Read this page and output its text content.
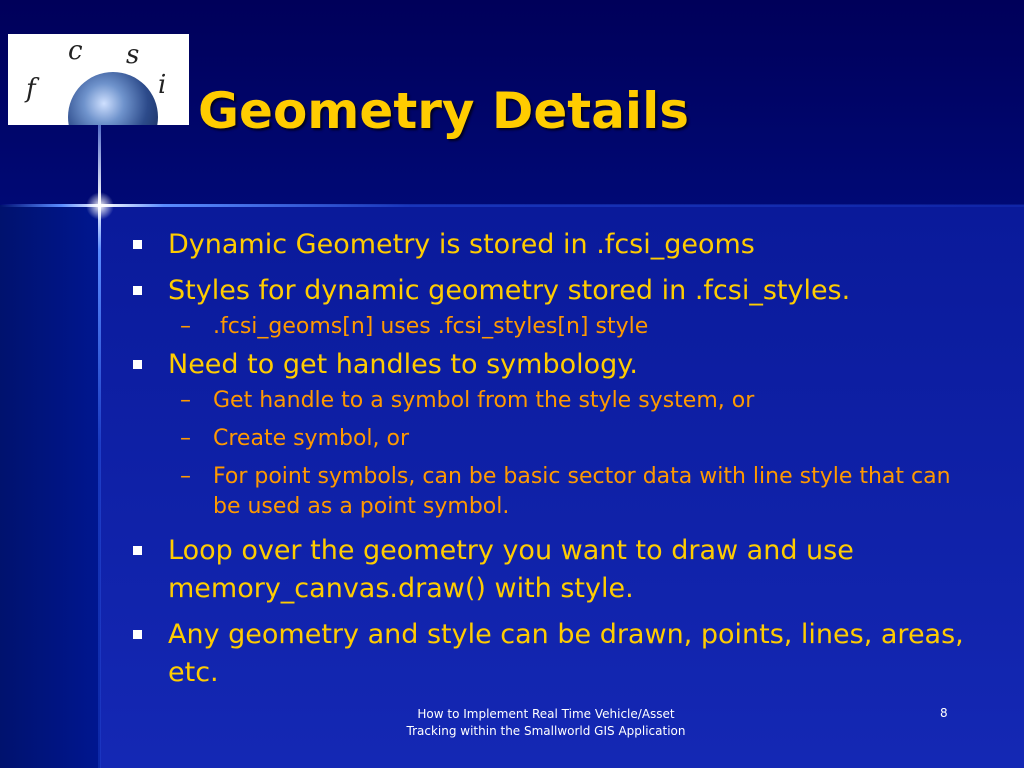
f
c s
i Geometry Details
Dynamic Geometry is stored in .fcsi_geoms
Styles for dynamic geometry stored in .fcsi_styles.
– .fcsi_geoms[n] uses .fcsi_styles[n] style
Need to get handles to symbology.
– Get handle to a symbol from the style system, or
– Create symbol, or
– For point symbols, can be basic sector data with line style that can be used as a point symbol.
Loop over the geometry you want to draw and use memory_canvas.draw() with style.
Any geometry and style can be drawn, points, lines, areas, etc.
How to Implement Real Time Vehicle/Asset
Tracking within the Smallworld GIS Application
8
